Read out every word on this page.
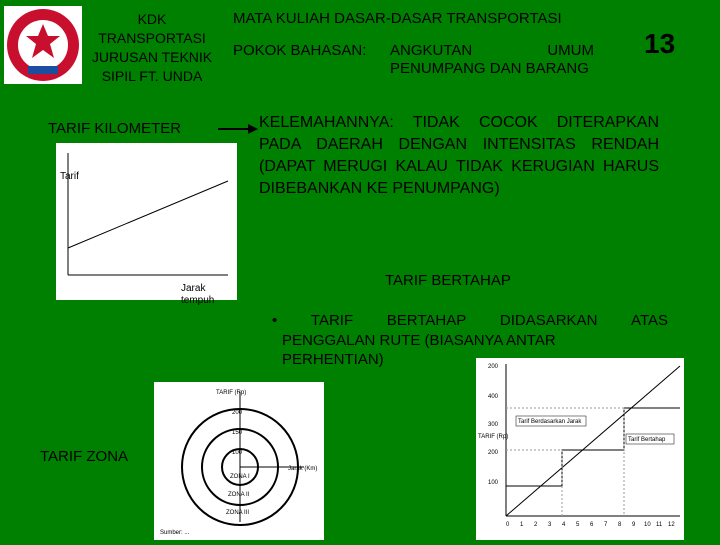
KDK
TRANSPORTASI
JURUSAN TEKNIK
SIPIL FT. UNDA
MATA KULIAH DASAR-DASAR TRANSPORTASI
POKOK BAHASAN: ANGKUTAN	UMUM
PENUMPANG DAN BARANG
13
TARIF KILOMETER
Tarif
Jarak
tempuh
KELEMAHANNYA: TIDAK COCOK DITERAPKAN PADA DAERAH DENGAN INTENSITAS RENDAH (DAPAT MERUGI KALAU TIDAK KERUGIAN HARUS DIBEBANKAN KE PENUMPANG)
TARIF BERTAHAP
• TARIF BERTAHAP DIDASARKAN ATAS
PENGGALAN RUTE (BIASANYA ANTAR
PERHENTIAN)
TARIF ZONA
TARIF (Rp)
200
150
100
ZONA I
ZONA II
ZONA III
Jarak (Km)
Sumber: ...
200
400
300
200
100
TARIF (Rp)
Tarif Berdasarkan Jarak
Tarif Bertahap
0 1 2 3 4 5 6 7 8 9 10 11 12
